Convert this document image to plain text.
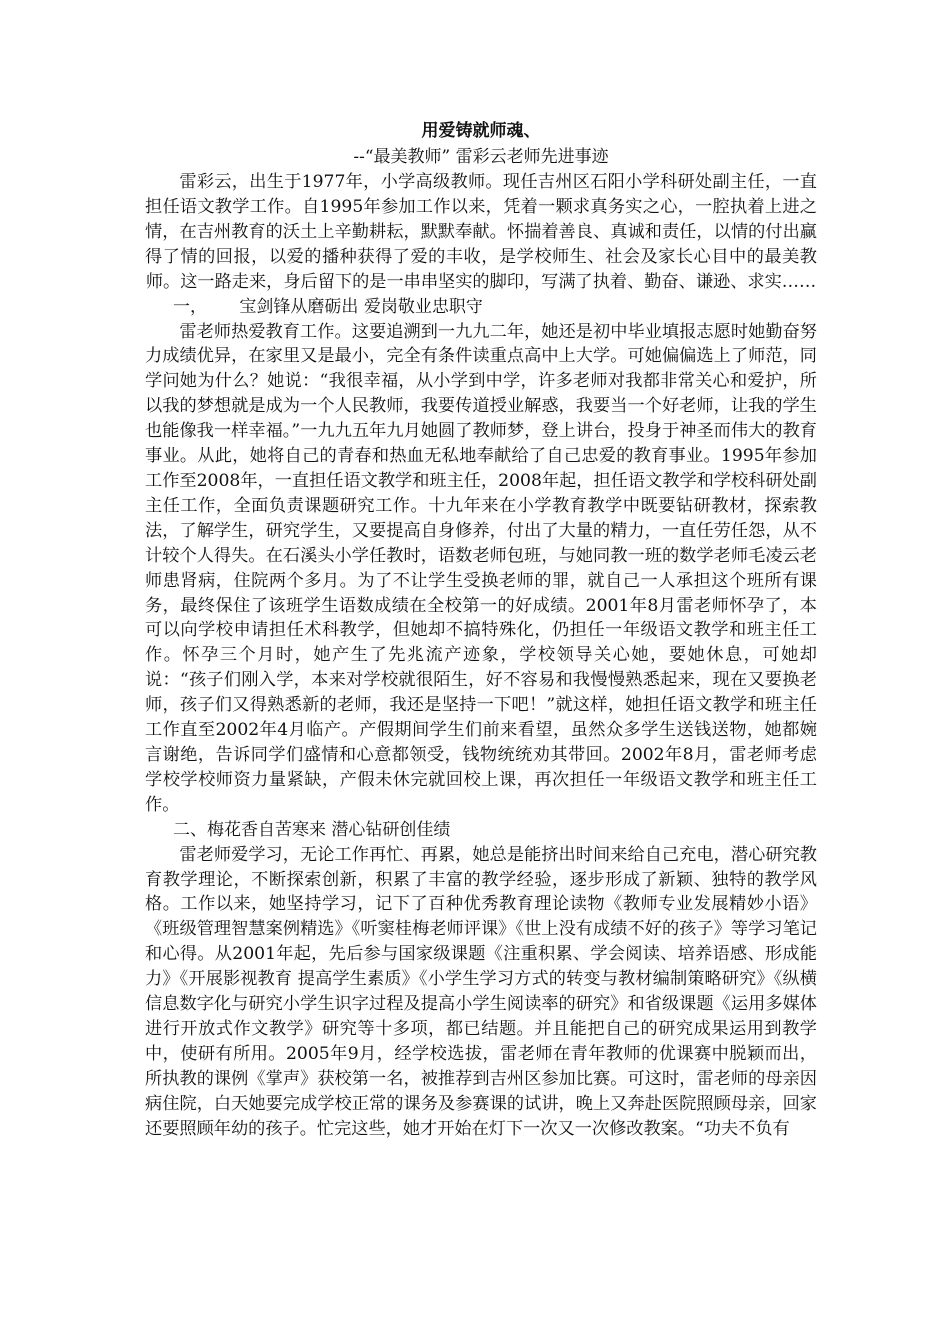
用爱铸就师魂、

--“最美教师” 雷彩云老师先进事迹

雷彩云，出生于1977年，小学高级教师。现任吉州区石阳小学科研处副主任，一直担任语文教学工作。自1995年参加工作以来，凭着一颗求真务实之心，一腔执着上进之情，在吉州教育的沃土上辛勤耕耘，默默奉献。怀揣着善良、真诚和责任，以情的付出赢得了情的回报，以爱的播种获得了爱的丰收，是学校师生、社会及家长心目中的最美教师。这一路走来，身后留下的是一串串坚实的脚印，写满了执着、勤奋、谦逊、求实……

一，      宝剑锋从磨砺出 爱岗敬业忠职守

雷老师热爱教育工作。这要追溯到一九九二年，她还是初中毕业填报志愿时她勤奋努力成绩优异，在家里又是最小，完全有条件读重点高中上大学。可她偏偏选上了师范，同学问她为什么？她说：“我很幸福，从小学到中学，许多老师对我都非常关心和爱护，所以我的梦想就是成为一个人民教师，我要传道授业解惑，我要当一个好老师，让我的学生也能像我一样幸福。”一九九五年九月她圆了教师梦，登上讲台，投身于神圣而伟大的教育事业。从此，她将自己的青春和热血无私地奉献给了自己忠爱的教育事业。1995年参加工作至2008年，一直担任语文教学和班主任，2008年起，担任语文教学和学校科研处副主任工作，全面负责课题研究工作。十九年来在小学教育教学中既要钻研教材，探索教法，了解学生，研究学生，又要提高自身修养，付出了大量的精力，一直任劳任怨，从不计较个人得失。在石溪头小学任教时，语数老师包班，与她同教一班的数学老师毛凌云老师患肾病，住院两个多月。为了不让学生受换老师的罪，就自己一人承担这个班所有课务，最终保住了该班学生语数成绩在全校第一的好成绩。2001年8月雷老师怀孕了，本可以向学校申请担任术科教学，但她却不搞特殊化，仍担任一年级语文教学和班主任工作。怀孕三个月时，她产生了先兆流产迹象，学校领导关心她，要她休息，可她却说：“孩子们刚入学，本来对学校就很陌生，好不容易和我慢慢熟悉起来，现在又要换老师，孩子们又得熟悉新的老师，我还是坚持一下吧！”就这样，她担任语文教学和班主任工作直至2002年4月临产。产假期间学生们前来看望，虽然众多学生送钱送物，她都婉言谢绝，告诉同学们盛情和心意都领受，钱物统统劝其带回。2002年8月，雷老师考虑学校学校师资力量紧缺，产假未休完就回校上课，再次担任一年级语文教学和班主任工作。

二、梅花香自苦寒来 潜心钻研创佳绩

雷老师爱学习，无论工作再忙、再累，她总是能挤出时间来给自己充电，潜心研究教育教学理论，不断探索创新，积累了丰富的教学经验，逐步形成了新颖、独特的教学风格。工作以来，她坚持学习，记下了百种优秀教育理论读物《教师专业发展精妙小语》《班级管理智慧案例精选》《听窦桂梅老师评课》《世上没有成绩不好的孩子》等学习笔记和心得。从2001年起，先后参与国家级课题《注重积累、学会阅读、培养语感、形成能力》《开展影视教育 提高学生素质》《小学生学习方式的转变与教材编制策略研究》《纵横信息数字化与研究小学生识字过程及提高小学生阅读率的研究》和省级课题《运用多媒体进行开放式作文教学》研究等十多项，都已结题。并且能把自己的研究成果运用到教学中，使研有所用。2005年9月，经学校选拔，雷老师在青年教师的优课赛中脱颖而出，所执教的课例《掌声》获校第一名，被推荐到吉州区参加比赛。可这时，雷老师的母亲因病住院，白天她要完成学校正常的课务及参赛课的试讲，晚上又奔赴医院照顾母亲，回家还要照顾年幼的孩子。忙完这些，她才开始在灯下一次又一次修改教案。“功夫不负有
